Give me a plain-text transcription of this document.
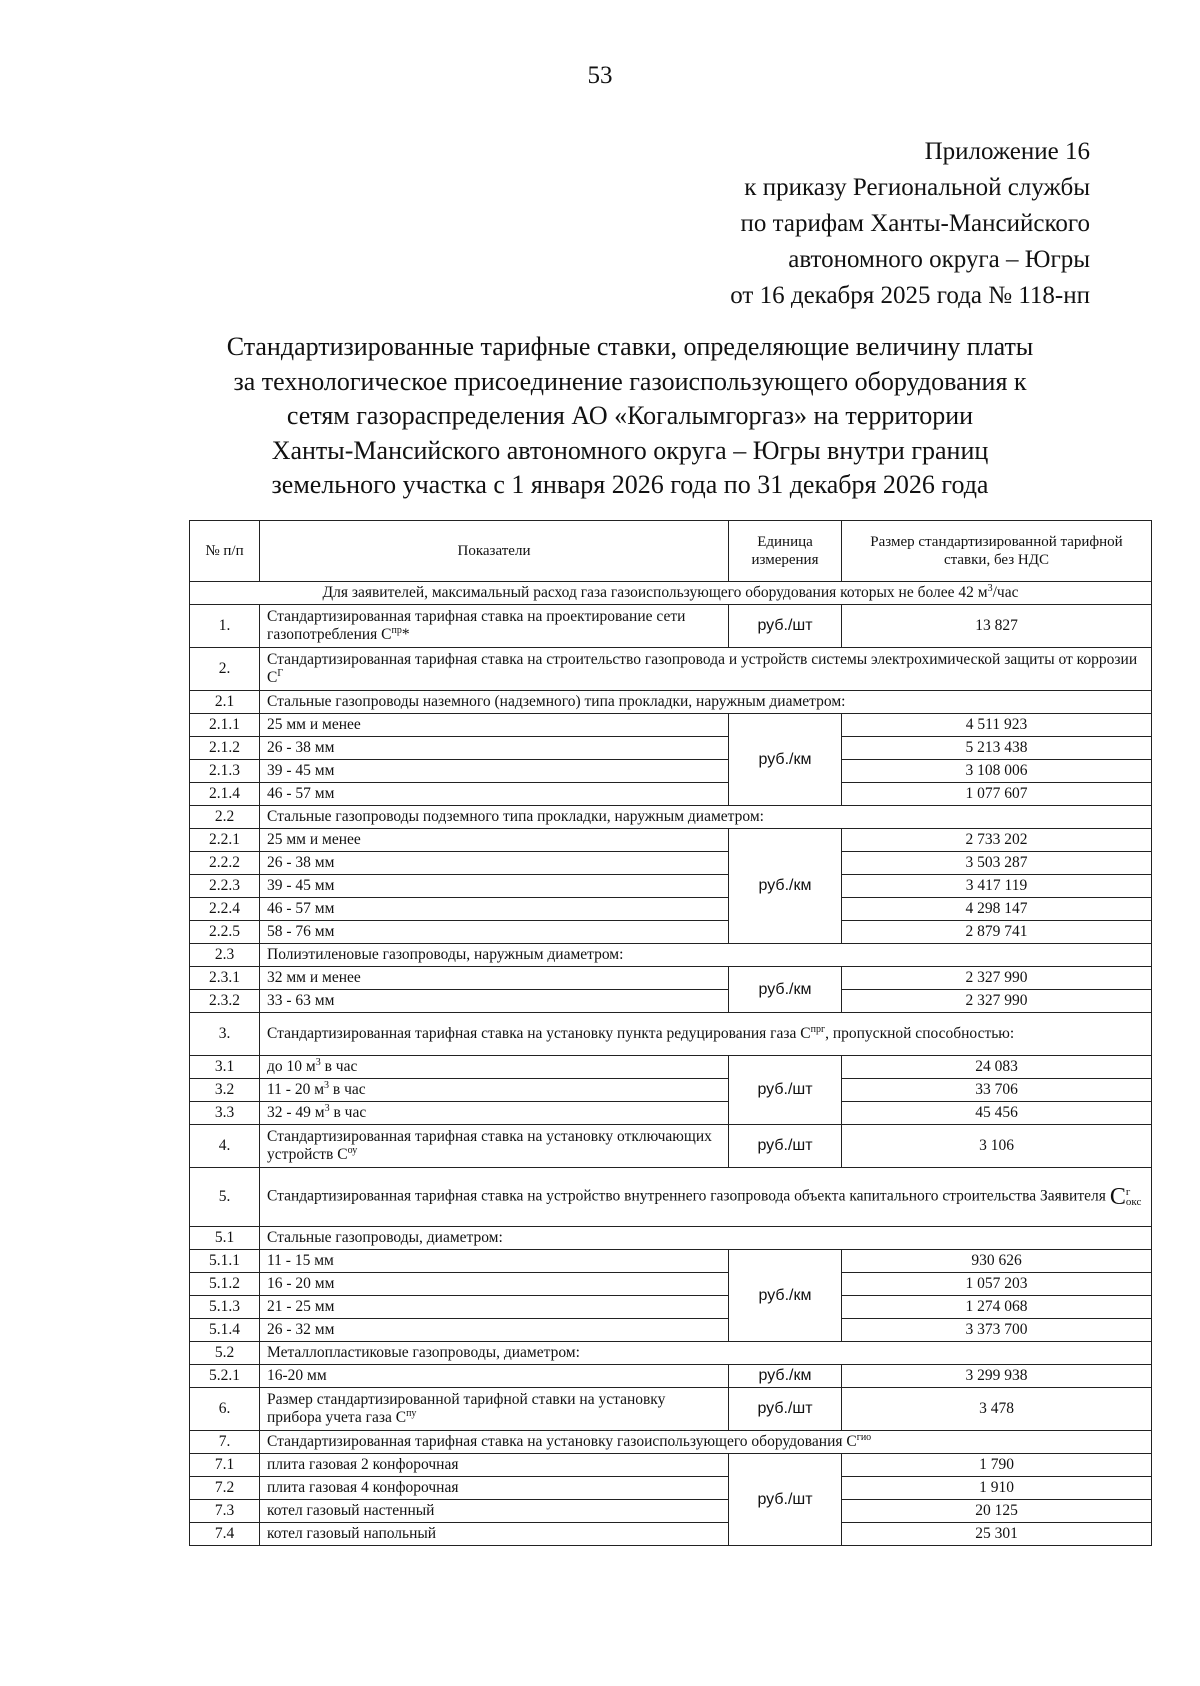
53
Приложение 16
к приказу Региональной службы
по тарифам Ханты-Мансийского
автономного округа – Югры
от 16 декабря 2025 года № 118-нп
Стандартизированные тарифные ставки, определяющие величину платы
за технологическое присоединение газоиспользующего оборудования к
сетям газораспределения АО «Когалымгоргаз» на территории
Ханты-Мансийского автономного округа – Югры внутри границ
земельного участка с 1 января 2026 года по 31 декабря 2026 года
№ п/п	Показатели	Единица измерения	Размер стандартизированной тарифной ставки, без НДС
Для заявителей, максимальный расход газа газоиспользующего оборудования которых не более 42 $м^3$/час			
1.	Стандартизированная тарифная ставка на проектирование сети газопотребления $С^{пр}*$	руб./шт	13 827
2.	Стандартизированная тарифная ставка на строительство газопровода и устройств системы электрохимической защиты от коррозии $С^Г$
2.1	Стальные газопроводы наземного (надземного) типа прокладки, наружным диаметром:		
2.1.1	25 мм и менее	руб./км	4 511 923
2.1.2	26 - 38 мм		5 213 438
2.1.3	39 - 45 мм		3 108 006
2.1.4	46 - 57 мм		1 077 607
2.2	Стальные газопроводы подземного типа прокладки, наружным диаметром:		
2.2.1	25 мм и менее	руб./км	2 733 202
2.2.2	26 - 38 мм		3 503 287
2.2.3	39 - 45 мм		3 417 119
2.2.4	46 - 57 мм		4 298 147
2.2.5	58 - 76 мм		2 879 741
2.3	Полиэтиленовые газопроводы, наружным диаметром:		
2.3.1	32 мм и менее	руб./км	2 327 990
2.3.2	33 - 63 мм		2 327 990
3.	Стандартизированная тарифная ставка на установку пункта редуцирования газа $С^{прг}$, пропускной способностью:		
3.1	до 10 $м^3$ в час	руб./шт	24 083
3.2	11 - 20 $м^3$ в час		33 706
3.3	32 - 49 $м^3$ в час		45 456
4.	Стандартизированная тарифная ставка на установку отключающих устройств $С^{оу}$	руб./шт	3 106
5.	Стандартизированная тарифная ставка на устройство внутреннего газопровода объекта капитального строительства Заявителя Сг
окс		
5.1	Стальные газопроводы, диаметром:		
5.1.1	11 - 15 мм	руб./км	930 626
5.1.2	16 - 20 мм		1 057 203
5.1.3	21 - 25 мм		1 274 068
5.1.4	26 - 32 мм		3 373 700
5.2	Металлопластиковые газопроводы, диаметром:		
5.2.1	16-20 мм	руб./км	3 299 938
6.	Размер стандартизированной тарифной ставки на установку прибора учета газа $С^{пу}$	руб./шт	3 478
7.	Стандартизированная тарифная ставка на установку газоиспользующего оборудования $С^{гио}$
7.1	плита газовая 2 конфорочная	руб./шт	1 790
7.2	плита газовая 4 конфорочная		1 910
7.3	котел газовый настенный		20 125
7.4	котел газовый напольный		25 301
